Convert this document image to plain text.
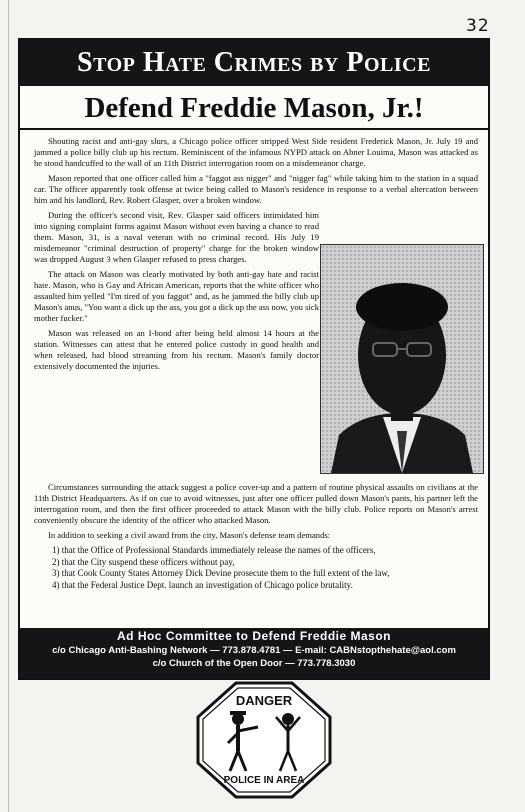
32
Stop Hate Crimes by Police
Defend Freddie Mason, Jr.!

Shouting racist and anti-gay slurs, a Chicago police officer stripped West Side resident Frederick Mason, Jr. July 19 and jammed a police billy club up his rectum. Reminiscent of the infamous NYPD attack on Abner Louima, Mason was attacked as he stood handcuffed to the wall of an 11th District interrogation room on a misdemeanor charge.

Mason reported that one officer called him a "faggot ass nigger" and "nigger fag" while taking him to the station in a squad car. The officer apparently took offense at twice being called to Mason's residence in response to a verbal altercation between him and his landlord, Rev. Robert Glasper, over a broken window.

During the officer's second visit, Rev. Glasper said officers intimidated him into signing complaint forms against Mason without even having a chance to read them. Mason, 31, is a naval veteran with no criminal record. His July 19 misdemeanor "criminal destruction of property" charge for the broken window was dropped August 3 when Glasper refused to press charges.

The attack on Mason was clearly motivated by both anti-gay hate and racist hate. Mason, who is Gay and African American, reports that the white officer who assaulted him yelled "I'm tired of you faggot" and, as he jammed the billy club up Mason's anus, "You want a dick up the ass, you got a dick up the ass now, you sick mother fucker."

Mason was released on an I-bond after being held almost 14 hours at the station. Witnesses can attest that he entered police custody in good health and when released, had blood streaming from his rectum. Mason's family doctor extensively documented the injuries.

Circumstances surrounding the attack suggest a police cover-up and a pattern of routine physical assaults on civilians at the 11th District Headquarters. As if on cue to avoid witnesses, just after one officer pulled down Mason's pants, his partner left the interrogation room, and then the first officer proceeded to attack Mason with the billy club. Police reports on Mason's arrest conveniently obscure the identity of the officer who attacked Mason.

In addition to seeking a civil award from the city, Mason's defense team demands:

1) that the Office of Professional Standards immediately release the names of the officers,
2) that the City suspend these officers without pay,
3) that Cook County States Attorney Dick Devine prosecute them to the full extent of the law,
4) that the Federal Justice Dept. launch an investigation of Chicago police brutality.
Ad Hoc Committee to Defend Freddie Mason
c/o Chicago Anti-Bashing Network — 773.878.4781 — E-mail: CABNstopthehate@aol.com
c/o Church of the Open Door — 773.778.3030
DANGER
POLICE IN AREA
